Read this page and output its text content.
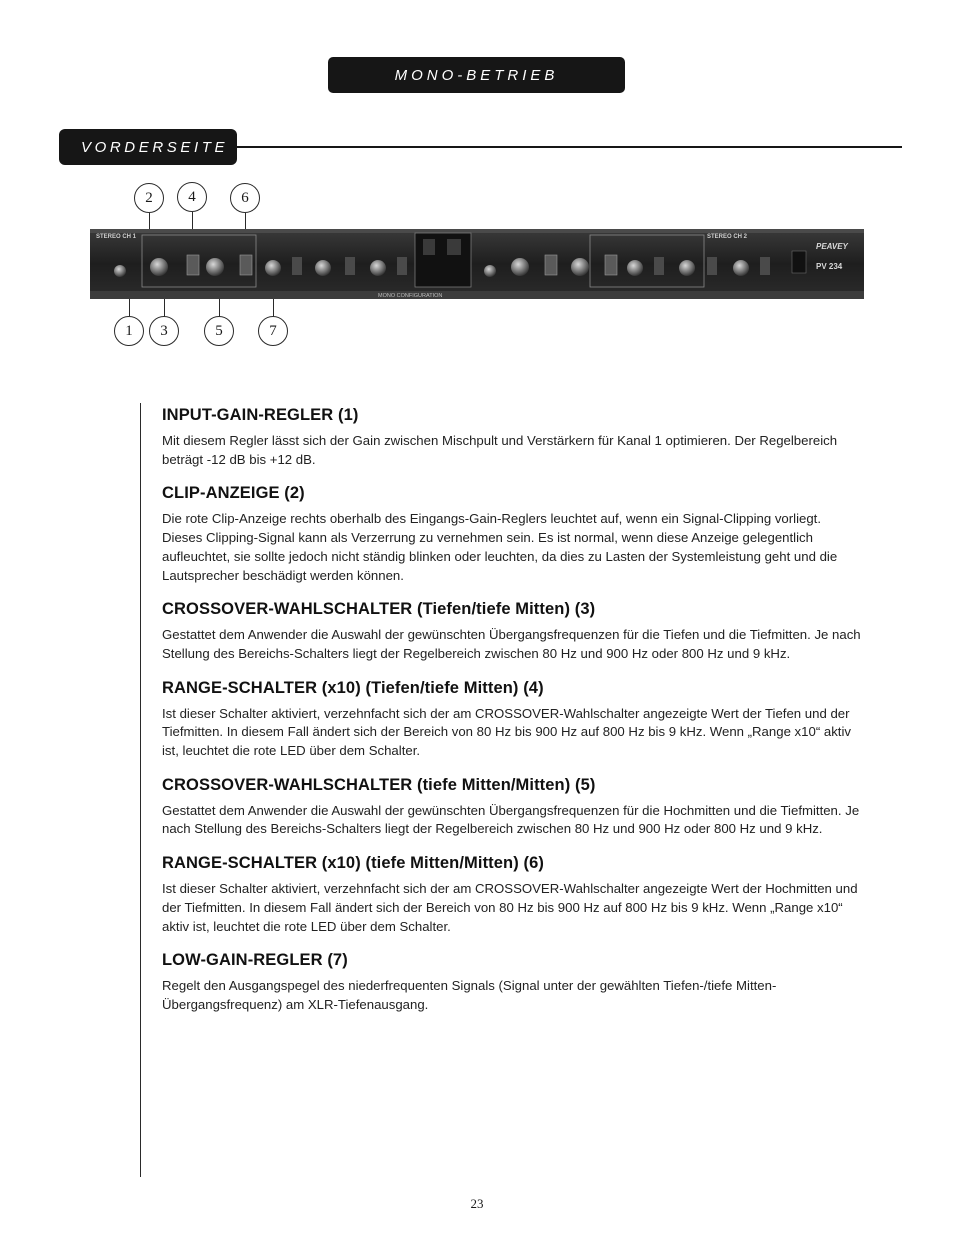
MONO-BETRIEB
VORDERSEITE
STEREO CH 1	STEREO CH 2
MONO CONFIGURATION
PEAVEY
PV 234
2 4	6
1 3	5	7
INPUT-GAIN-REGLER (1)

Mit diesem Regler lässt sich der Gain zwischen Mischpult und Verstärkern für Kanal 1 optimieren. Der Regelbereich beträgt -12 dB bis +12 dB.

CLIP-ANZEIGE (2)

Die rote Clip-Anzeige rechts oberhalb des Eingangs-Gain-Reglers leuchtet auf, wenn ein Signal-Clipping vorliegt. Dieses Clipping-Signal kann als Verzerrung zu vernehmen sein. Es ist normal, wenn diese Anzeige gelegentlich aufleuchtet, sie sollte jedoch nicht ständig blinken oder leuchten, da dies zu Lasten der Systemleistung geht und die Lautsprecher beschädigt werden können.

CROSSOVER-WAHLSCHALTER (Tiefen/tiefe Mitten) (3)

Gestattet dem Anwender die Auswahl der gewünschten Übergangsfrequenzen für die Tiefen und die Tiefmitten. Je nach Stellung des Bereichs-Schalters liegt der Regelbereich zwischen 80 Hz und 900 Hz oder 800 Hz und 9 kHz.

RANGE-SCHALTER (x10) (Tiefen/tiefe Mitten) (4)

Ist dieser Schalter aktiviert, verzehnfacht sich der am CROSSOVER-Wahlschalter angezeigte Wert der Tiefen und der Tiefmitten. In diesem Fall ändert sich der Bereich von 80 Hz bis 900 Hz auf 800 Hz bis 9 kHz. Wenn „Range x10“ aktiv ist, leuchtet die rote LED über dem Schalter.

CROSSOVER-WAHLSCHALTER (tiefe Mitten/Mitten) (5)

Gestattet dem Anwender die Auswahl der gewünschten Übergangsfrequenzen für die Hochmitten und die Tiefmitten. Je nach Stellung des Bereichs-Schalters liegt der Regelbereich zwischen 80 Hz und 900 Hz oder 800 Hz und 9 kHz.

RANGE-SCHALTER (x10) (tiefe Mitten/Mitten) (6)

Ist dieser Schalter aktiviert, verzehnfacht sich der am CROSSOVER-Wahlschalter angezeigte Wert der Hochmitten und der Tiefmitten. In diesem Fall ändert sich der Bereich von 80 Hz bis 900 Hz auf 800 Hz bis 9 kHz. Wenn „Range x10“ aktiv ist, leuchtet die rote LED über dem Schalter.

LOW-GAIN-REGLER (7)

Regelt den Ausgangspegel des niederfrequenten Signals (Signal unter der gewählten Tiefen-/tiefe Mitten-Übergangsfrequenz) am XLR-Tiefenausgang.

23
